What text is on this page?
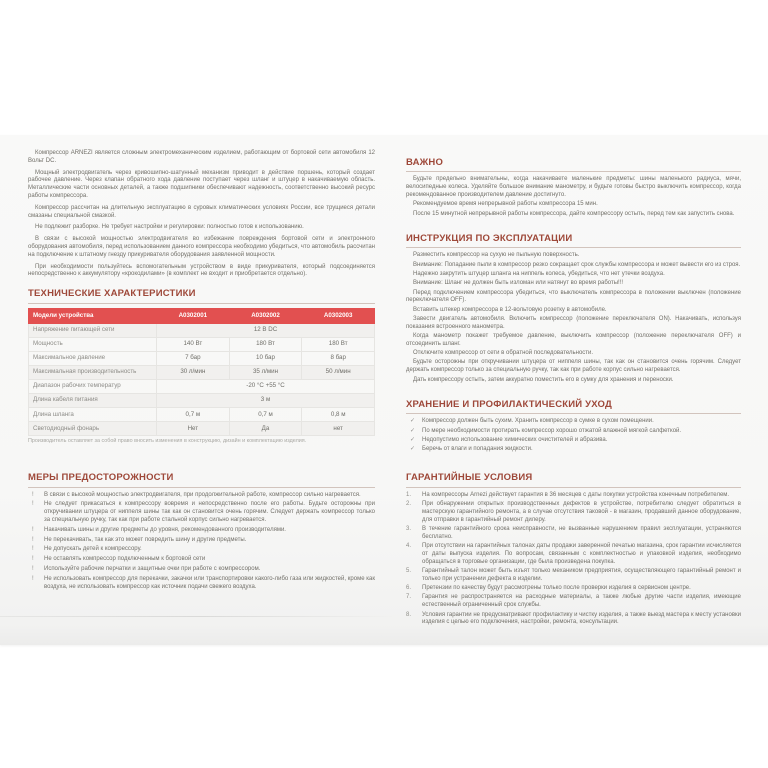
Компрессор ARNEZI является сложным электромеханическим изделием, работающим от бортовой сети автомобиля 12 Вольт DC.

Мощный электродвигатель через кривошипно-шатунный механизм приводит в действие поршень, который создает рабочее давление. Через клапан обратного хода давление поступает через шланг и штуцер в накачиваемую область. Металлические части основных деталей, а также подшипники обеспечивают надежность, соответственно высокий ресурс работы компрессора.

Компрессор рассчитан на длительную эксплуатацию в суровых климатических условиях России, все трущиеся детали смазаны специальной смазкой.

Не подлежит разборке. Не требует настройки и регулировки: полностью готов к использованию.

В связи с высокой мощностью электродвигателя во избежание повреждения бортовой сети и электронного оборудования автомобиля, перед использованием данного компрессора необходимо убедиться, что автомобиль рассчитан на подключение к штатному гнезду прикуривателя оборудования заявленной мощности.

При необходимости пользуйтесь вспомогательным устройством в виде прикуривателя, который подсоединяется непосредственно к аккумулятору «крокодилами» (в комплект не входит и приобретается отдельно).

ТЕХНИЧЕСКИЕ ХАРАКТЕРИСТИКИ
Модели устройства	A0302001	A0302002	A0302003
Напряжение питающей сети	12 В DC		
Мощность	140 Вт	180 Вт	180 Вт
Максимальное давление	7 бар	10 бар	8 бар
Максимальная производительность	30 л/мин	35 л/мин	50 л/мин
Диапазон рабочих температур	-20 °C +55 °C		
Длина кабеля питания	3 м		
Длина шланга	0,7 м	0,7 м	0,8 м
Светодиодный фонарь	Нет	Да	нет

Производитель оставляет за собой право вносить изменения в конструкцию, дизайн и комплектацию изделия.

МЕРЫ ПРЕДОСТОРОЖНОСТИ
! В связи с высокой мощностью электродвигателя, при продолжительной работе, компрессор сильно нагревается.
! Не следует прикасаться к компрессору вовремя и непосредственно после его работы. Будьте осторожны при откручивании штуцера от ниппеля шины так как он становится очень горячим. Следует держать компрессор только за специальную ручку, так как при работе стальной корпус сильно нагревается.
! Накачивать шины и другие предметы до уровня, рекомендованного производителями.
! Не перекачивать, так как это может повредить шину и другие предметы.
! Не допускать детей к компрессору.
! Не оставлять компрессор подключенным к бортовой сети
! Используйте рабочие перчатки и защитные очки при работе с компрессором.
! Не использовать компрессор для перекачки, закачки или транспортировки какого-либо газа или жидкостей, кроме как воздуха, не использовать компрессор как источник подачи свежего воздуха.
ВАЖНО

Будьте предельно внимательны, когда накачиваете маленькие предметы: шины маленького радиуса, мячи, велосипедные колеса. Уделяйте большое внимание манометру, и будьте готовы быстро выключить компрессор, когда рекомендованное производителем давление достигнуто.

Рекомендуемое время непрерывной работы компрессора 15 мин.

После 15 минутной непрерывной работы компрессора, дайте компрессору остыть, перед тем как запустить снова.

ИНСТРУКЦИЯ ПО ЭКСПЛУАТАЦИИ

Разместить компрессор на сухую не пыльную поверхность.

Внимание: Попадание пыли в компрессор резко сокращает срок службы компрессора и может вывести его из строя.

Надежно закрутить штуцер шланга на ниппель колеса, убедиться, что нет утечки воздуха.

Внимание: Шланг не должен быть изломан или натянут во время работы!!!

Перед подключением компрессора убедиться, что выключатель компрессора в положении выключен (положение переключателя OFF).

Вставить штекер компрессора в 12-вольтовую розетку в автомобиле.

Завести двигатель автомобиля. Включить компрессор (положение переключателя ON). Накачивать, используя показания встроенного манометра.

Когда манометр покажет требуемое давление, выключить компрессор (положение переключателя OFF) и отсоединить шланг.

Отключите компрессор от сети в обратной последовательности.

Будьте осторожны при откручивании штуцера от ниппеля шины, так как он становится очень горячим. Следует держать компрессор только за специальную ручку, так как при работе корпус сильно нагревается.

Дать компрессору остыть, затем аккуратно поместить его в сумку для хранения и переноски.

ХРАНЕНИЕ И ПРОФИЛАКТИЧЕСКИЙ УХОД
✓ Компрессор должен быть сухим. Хранить компрессор в сумке в сухом помещении.
✓ По мере необходимости протирать компрессор хорошо отжатой влажной мягкой салфеткой.
✓ Недопустимо использование химических очистителей и абразива.
✓ Беречь от влаги и попадания жидкости.
ГАРАНТИЙНЫЕ УСЛОВИЯ
1. На компрессоры Arnezi действует гарантия в 36 месяцев с даты покупки устройства конечным потребителем.
2. При обнаружении открытых производственных дефектов в устройстве, потребителю следует обратиться в мастерскую гарантийного ремонта, а в случае отсутствия таковой - в магазин, продавший данное оборудование, для отправки в гарантийный ремонт дилеру.
3. В течение гарантийного срока неисправности, не вызванные нарушением правил эксплуатации, устраняются бесплатно.
4. При отсутствии на гарантийных талонах даты продажи заверенной печатью магазина, срок гарантии исчисляется от даты выпуска изделия. По вопросам, связанным с комплектностью и упаковкой изделия, необходимо обращаться в торговые организации, где была произведена покупка.
5. Гарантийный талон может быть изъят только механиком предприятия, осуществляющего гарантийный ремонт и только при устранении дефекта в изделии.
6. Претензии по качеству будут рассмотрены только после проверки изделия в сервисном центре.
7. Гарантия не распространяется на расходные материалы, а также любые другие части изделия, имеющие естественный ограниченный срок службы.
8. Условия гарантии не предусматривают профилактику и чистку изделия, а также выезд мастера к месту установки изделия с целью его подключения, настройки, ремонта, консультации.
